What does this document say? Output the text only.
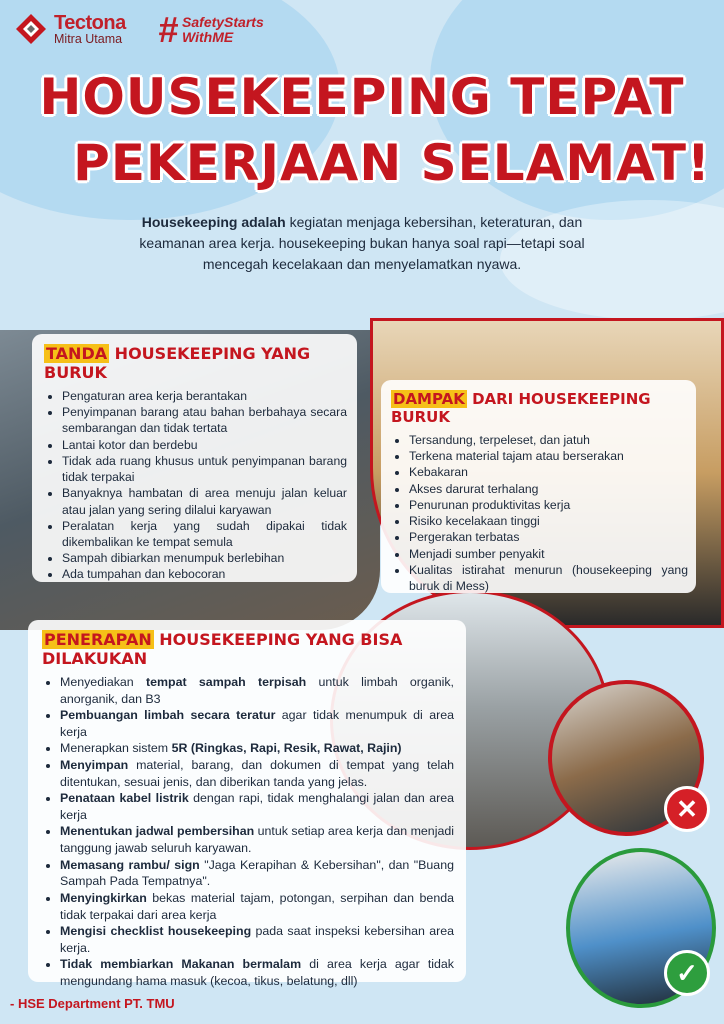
Tectona
Mitra Utama # SafetyStarts
WithME
HOUSEKEEPING TEPAT
PEKERJAAN SELAMAT!
Housekeeping adalah kegiatan menjaga kebersihan, keteraturan, dan keamanan area kerja. housekeeping bukan hanya soal rapi—tetapi soal mencegah kecelakaan dan menyelamatkan nyawa.
✕
✓
TANDA HOUSEKEEPING YANG BURUK
• Pengaturan area kerja berantakan
• Penyimpanan barang atau bahan berbahaya secara sembarangan dan tidak tertata
• Lantai kotor dan berdebu
• Tidak ada ruang khusus untuk penyimpanan barang tidak terpakai
• Banyaknya hambatan di area menuju jalan keluar atau jalan yang sering dilalui karyawan
• Peralatan kerja yang sudah dipakai tidak dikembalikan ke tempat semula
• Sampah dibiarkan menumpuk berlebihan
• Ada tumpahan dan kebocoran
DAMPAK DARI HOUSEKEEPING BURUK
• Tersandung, terpeleset, dan jatuh
• Terkena material tajam atau berserakan
• Kebakaran
• Akses darurat terhalang
• Penurunan produktivitas kerja
• Risiko kecelakaan tinggi
• Pergerakan terbatas
• Menjadi sumber penyakit
• Kualitas istirahat menurun (housekeeping yang buruk di Mess)
PENERAPAN HOUSEKEEPING YANG BISA DILAKUKAN
• Menyediakan tempat sampah terpisah untuk limbah organik, anorganik, dan B3
• Pembuangan limbah secara teratur agar tidak menumpuk di area kerja
• Menerapkan sistem 5R (Ringkas, Rapi, Resik, Rawat, Rajin)
• Menyimpan material, barang, dan dokumen di tempat yang telah ditentukan, sesuai jenis, dan diberikan tanda yang jelas.
• Penataan kabel listrik dengan rapi, tidak menghalangi jalan dan area kerja
• Menentukan jadwal pembersihan untuk setiap area kerja dan menjadi tanggung jawab seluruh karyawan.
• Memasang rambu/ sign "Jaga Kerapihan & Kebersihan", dan "Buang Sampah Pada Tempatnya".
• Menyingkirkan bekas material tajam, potongan, serpihan dan benda tidak terpakai dari area kerja
• Mengisi checklist housekeeping pada saat inspeksi kebersihan area kerja.
• Tidak membiarkan Makanan bermalam di area kerja agar tidak mengundang hama masuk (kecoa, tikus, belatung, dll)
- HSE Department PT. TMU
